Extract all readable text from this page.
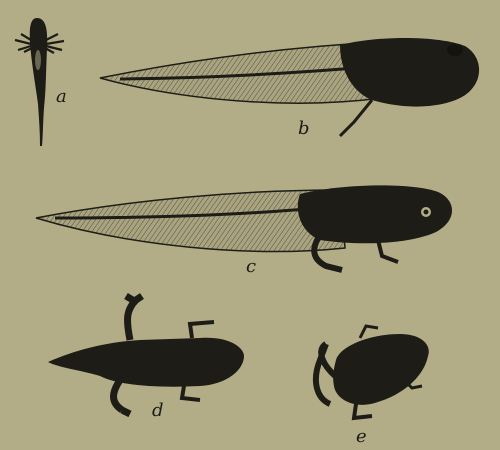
a
b
c
d
e
